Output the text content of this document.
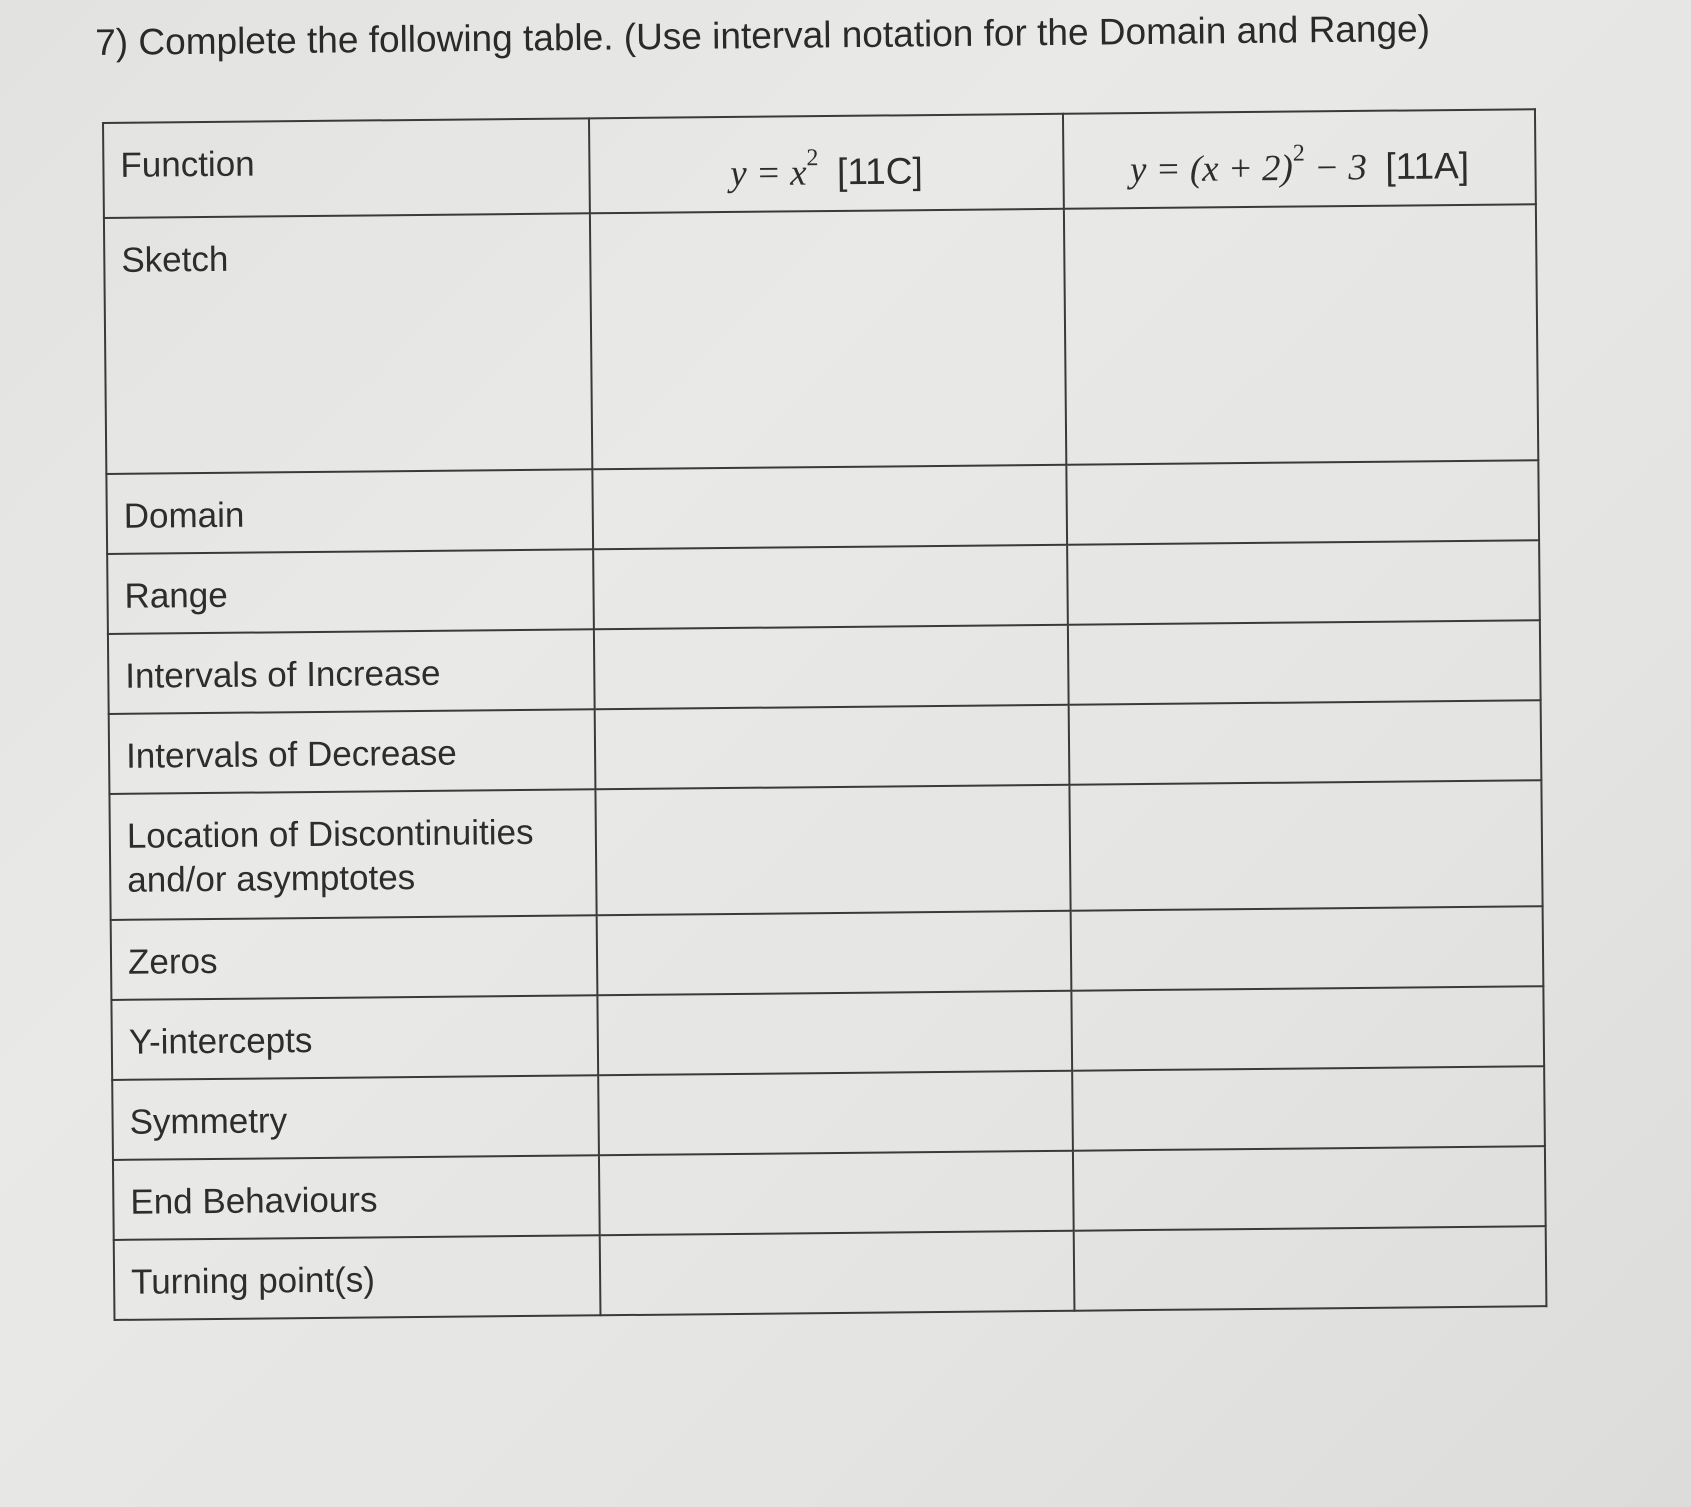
7) Complete the following table. (Use interval notation for the Domain and Range)
Function	$y = x^2$ [11C]	$y = (x + 2)^2 - 3$ [11A]

Sketch		

Domain		

Range		

Intervals of Increase		

Intervals of Decrease		

Location of Discontinuities and/or asymptotes		

Zeros		

Y-intercepts		

Symmetry		

End Behaviours		

Turning point(s)		
